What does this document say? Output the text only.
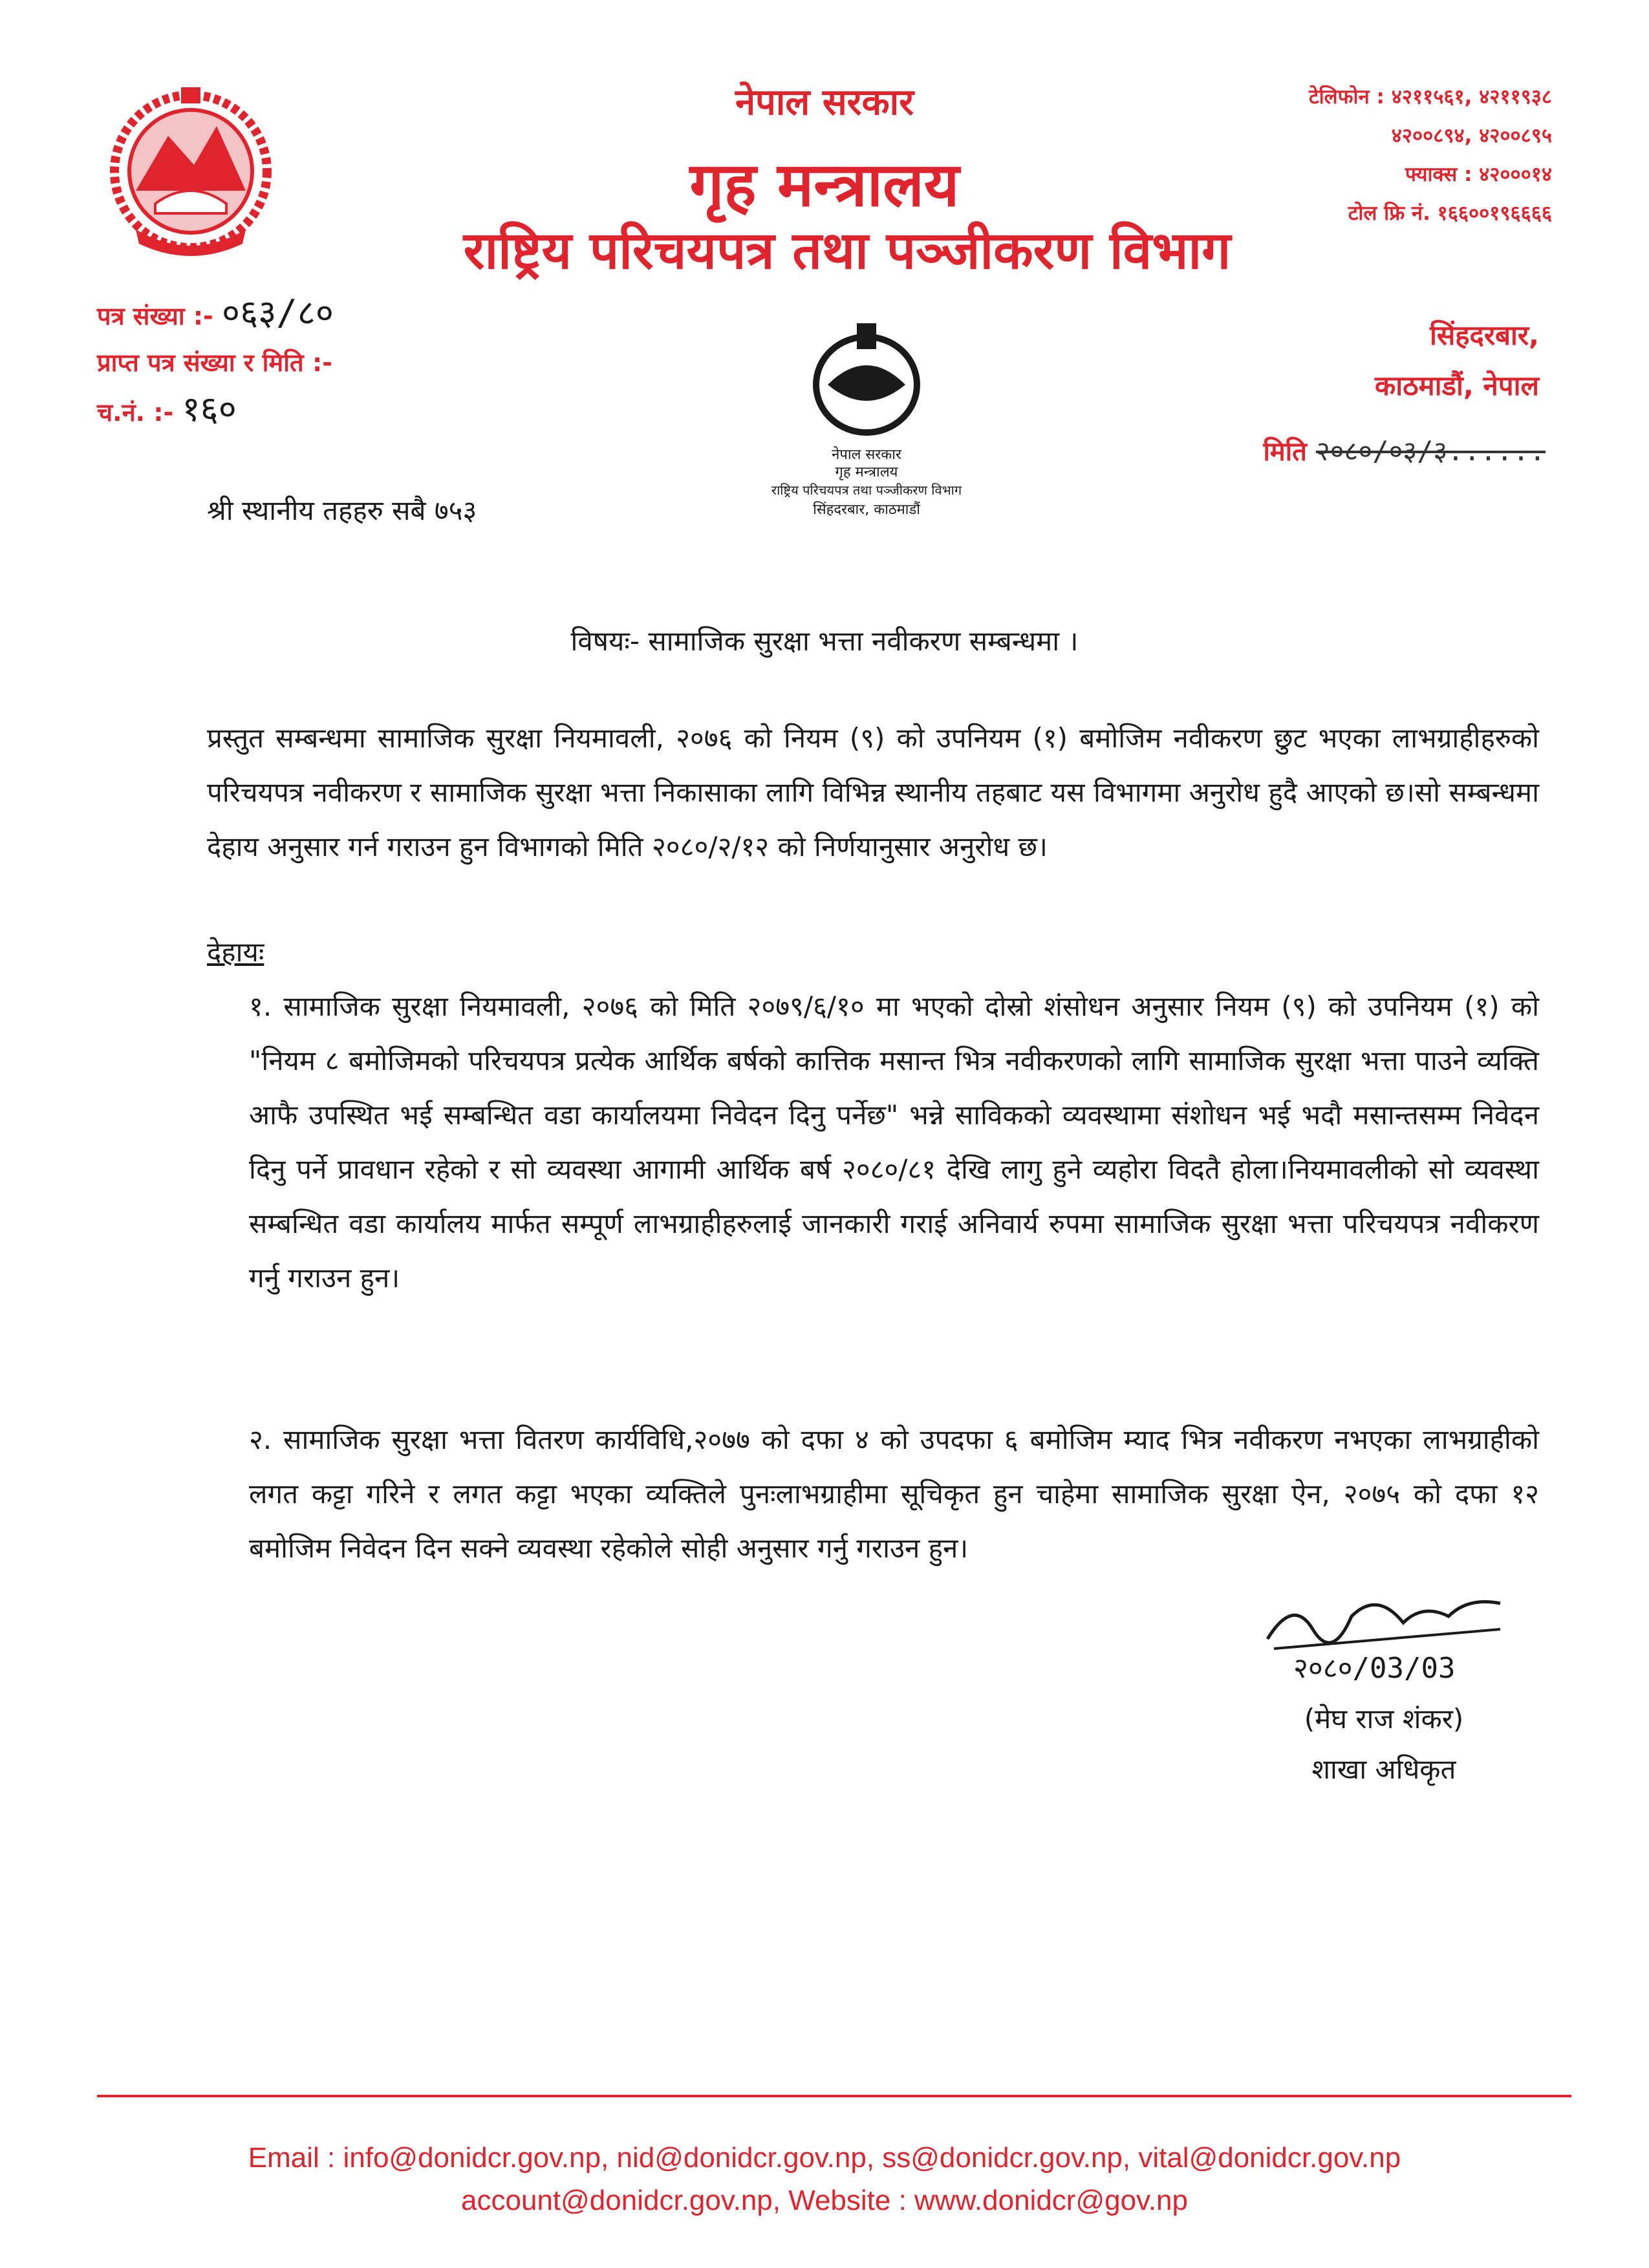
नेपाल सरकार
गृह मन्त्रालय
राष्ट्रिय परिचयपत्र तथा पञ्जीकरण विभाग
टेलिफोन : ४२११५६१, ४२११९३८
४२००८९४, ४२००८९५
फ्याक्स : ४२०००१४
टोल फ्रि नं. १६६००१९६६६६
पत्र संख्या :- ०६३/८०
प्राप्त पत्र संख्या र मिति :-
च.नं. :- १६०
सिंहदरबार,
काठमाडौं, नेपाल
मिति २०८०/०३/३......
नेपाल सरकार
गृह मन्त्रालय
राष्ट्रिय परिचयपत्र तथा पञ्जीकरण विभाग
सिंहदरबार, काठमाडौं
श्री स्थानीय तहहरु सबै ७५३
विषयः- सामाजिक सुरक्षा भत्ता नवीकरण सम्बन्धमा ।
प्रस्तुत सम्बन्धमा सामाजिक सुरक्षा नियमावली, २०७६ को नियम (९) को उपनियम (१) बमोजिम नवीकरण छुट भएका लाभग्राहीहरुको परिचयपत्र नवीकरण र सामाजिक सुरक्षा भत्ता निकासाका लागि विभिन्न स्थानीय तहबाट यस विभागमा अनुरोध हुदै आएको छ।सो सम्बन्धमा देहाय अनुसार गर्न गराउन हुन विभागको मिति २०८०/२/१२ को निर्णयानुसार अनुरोध छ।
देहायः
१. सामाजिक सुरक्षा नियमावली, २०७६ को मिति २०७९/६/१० मा भएको दोस्रो शंसोधन अनुसार नियम (९) को उपनियम (१) को "नियम ८ बमोजिमको परिचयपत्र प्रत्येक आर्थिक बर्षको कात्तिक मसान्त भित्र नवीकरणको लागि सामाजिक सुरक्षा भत्ता पाउने व्यक्ति आफै उपस्थित भई सम्बन्धित वडा कार्यालयमा निवेदन दिनु पर्नेछ" भन्ने साविकको व्यवस्थामा संशोधन भई भदौ मसान्तसम्म निवेदन दिनु पर्ने प्रावधान रहेको र सो व्यवस्था आगामी आर्थिक बर्ष २०८०/८१ देखि लागु हुने व्यहोरा विदतै होला।नियमावलीको सो व्यवस्था सम्बन्धित वडा कार्यालय मार्फत सम्पूर्ण लाभग्राहीहरुलाई जानकारी गराई अनिवार्य रुपमा सामाजिक सुरक्षा भत्ता परिचयपत्र नवीकरण गर्नु गराउन हुन।
२. सामाजिक सुरक्षा भत्ता वितरण कार्यविधि,२०७७ को दफा ४ को उपदफा ६ बमोजिम म्याद भित्र नवीकरण नभएका लाभग्राहीको लगत कट्टा गरिने र लगत कट्टा भएका व्यक्तिले पुनःलाभग्राहीमा सूचिकृत हुन चाहेमा सामाजिक सुरक्षा ऐन, २०७५ को दफा १२ बमोजिम निवेदन दिन सक्ने व्यवस्था रहेकोले सोही अनुसार गर्नु गराउन हुन।
२०८०/03/03
(मेघ राज शंकर)
शाखा अधिकृत
Email : info@donidcr.gov.np, nid@donidcr.gov.np, ss@donidcr.gov.np, vital@donidcr.gov.np
account@donidcr.gov.np, Website : www.donidcr@gov.np
